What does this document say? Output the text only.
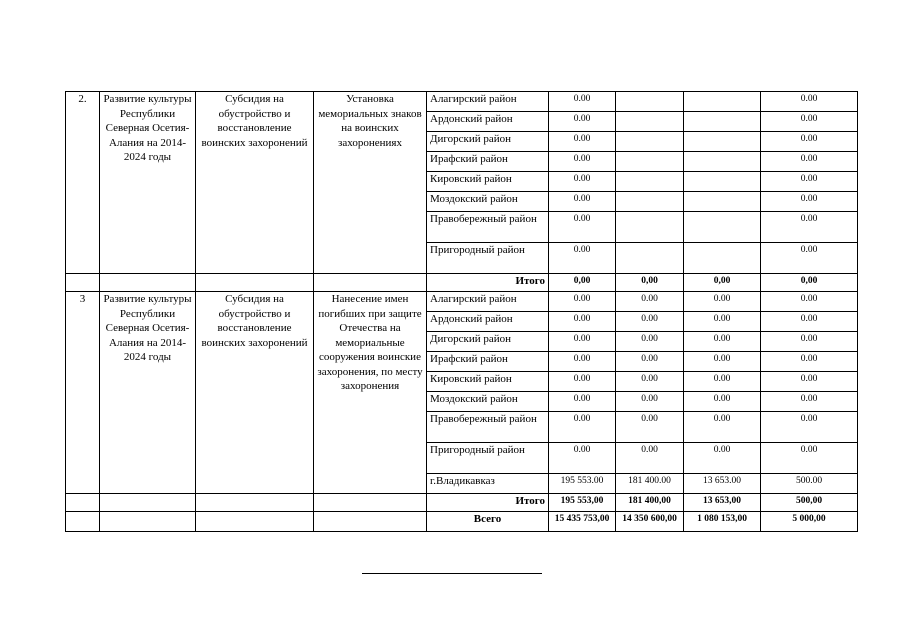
2.	Развитие культуры Республики Северная Осетия-Алания на 2014-2024 годы	Субсидия на обустройство и восстановление воинских захоронений	Установка мемориальных знаков на воинских захоронениях	Алагирский район	0.00			0.00
				Ардонский район	0.00			0.00
				Дигорский район	0.00			0.00
				Ирафский район	0.00			0.00
				Кировский район	0.00			0.00
				Моздокский район	0.00			0.00
				Правобережный район	0.00			0.00
				Пригородный район	0.00			0.00
				Итого	0,00	0,00	0,00	0,00
3	Развитие культуры Республики Северная Осетия-Алания на 2014-2024 годы	Субсидия на обустройство и восстановление воинских захоронений	Нанесение имен погибших при защите Отечества на мемориальные сооружения воинские захоронения, по месту захоронения	Алагирский район	0.00	0.00	0.00	0.00
				Ардонский район	0.00	0.00	0.00	0.00
				Дигорский район	0.00	0.00	0.00	0.00
				Ирафский район	0.00	0.00	0.00	0.00
				Кировский район	0.00	0.00	0.00	0.00
				Моздокский район	0.00	0.00	0.00	0.00
				Правобережный район	0.00	0.00	0.00	0.00
				Пригородный район	0.00	0.00	0.00	0.00
				г.Владикавказ	195 553.00	181 400.00	13 653.00	500.00
				Итого	195 553,00	181 400,00	13 653,00	500,00
				Всего	15 435 753,00	14 350 600,00	1 080 153,00	5 000,00
